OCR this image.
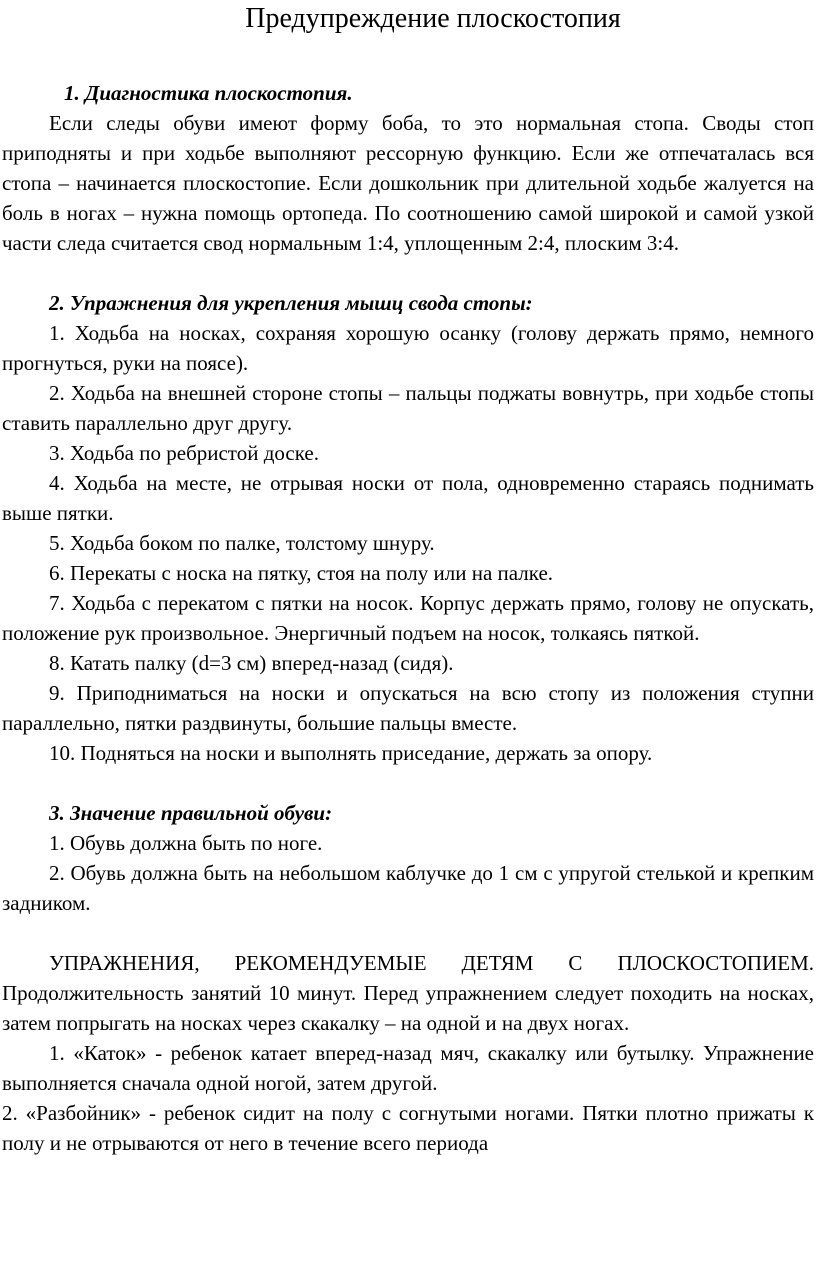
Предупреждение плоскостопия
1. Диагностика плоскостопия.
Если следы обуви имеют форму боба, то это нормальная стопа. Своды стоп приподняты и при ходьбе выполняют рессорную функцию. Если же отпечаталась вся стопа – начинается плоскостопие. Если дошкольник при длительной ходьбе жалуется на боль в ногах – нужна помощь ортопеда. По соотношению самой широкой и самой узкой части следа считается свод нормальным 1:4, уплощенным 2:4, плоским 3:4.
2. Упражнения для укрепления мышц свода стопы:
1. Ходьба на носках, сохраняя хорошую осанку (голову держать прямо, немного прогнуться, руки на поясе).
2. Ходьба на внешней стороне стопы – пальцы поджаты вовнутрь, при ходьбе стопы ставить параллельно друг другу.
3. Ходьба по ребристой доске.
4. Ходьба на месте, не отрывая носки от пола, одновременно стараясь поднимать выше пятки.
5. Ходьба боком по палке, толстому шнуру.
6. Перекаты с носка на пятку, стоя на полу или на палке.
7. Ходьба с перекатом с пятки на носок. Корпус держать прямо, голову не опускать, положение рук произвольное. Энергичный подъем на носок, толкаясь пяткой.
8. Катать палку (d=3 см) вперед-назад (сидя).
9. Приподниматься на носки и опускаться на всю стопу из положения ступни параллельно, пятки раздвинуты, большие пальцы вместе.
10. Подняться на носки и выполнять приседание, держать за опору.
3. Значение правильной обуви:
1. Обувь должна быть по ноге.
2. Обувь должна быть на небольшом каблучке до 1 см с упругой стелькой и крепким задником.
УПРАЖНЕНИЯ, РЕКОМЕНДУЕМЫЕ ДЕТЯМ С ПЛОСКОСТОПИЕМ. Продолжительность занятий 10 минут. Перед упражнением следует походить на носках, затем попрыгать на носках через скакалку – на одной и на двух ногах.
1. «Каток» - ребенок катает вперед-назад мяч, скакалку или бутылку. Упражнение выполняется сначала одной ногой, затем другой.
2. «Разбойник» - ребенок сидит на полу с согнутыми ногами. Пятки плотно прижаты к полу и не отрываются от него в течение всего периода
